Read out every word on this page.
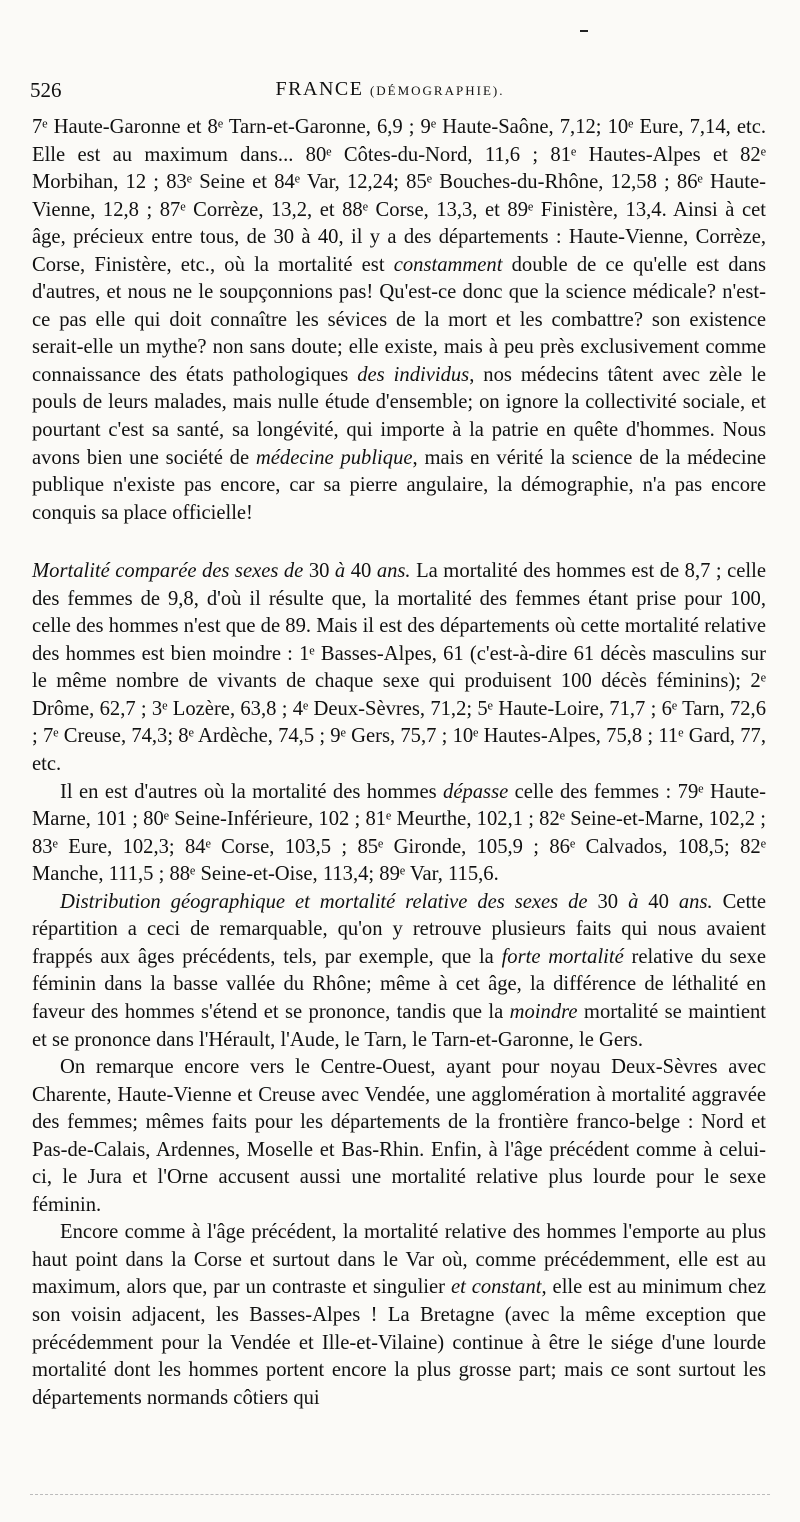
526	FRANCE (DÉMOGRAPHIE).

7ᵉ Haute-Garonne et 8ᵉ Tarn-et-Garonne, 6,9 ; 9ᵉ Haute-Saône, 7,12; 10ᵉ Eure, 7,14, etc. Elle est au maximum dans... 80ᵉ Côtes-du-Nord, 11,6 ; 81ᵉ Hautes-Alpes et 82ᵉ Morbihan, 12 ; 83ᵉ Seine et 84ᵉ Var, 12,24; 85ᵉ Bouches-du-Rhône, 12,58 ; 86ᵉ Haute-Vienne, 12,8 ; 87ᵉ Corrèze, 13,2, et 88ᵉ Corse, 13,3, et 89ᵉ Finistère, 13,4. Ainsi à cet âge, précieux entre tous, de 30 à 40, il y a des départements : Haute-Vienne, Corrèze, Corse, Finistère, etc., où la mortalité est constamment double de ce qu'elle est dans d'autres, et nous ne le soupçonnions pas! Qu'est-ce donc que la science médicale? n'est-ce pas elle qui doit connaître les sévices de la mort et les combattre? son existence serait-elle un mythe? non sans doute; elle existe, mais à peu près exclusivement comme connaissance des états pathologiques des individus, nos médecins tâtent avec zèle le pouls de leurs malades, mais nulle étude d'ensemble; on ignore la collectivité sociale, et pourtant c'est sa santé, sa longévité, qui importe à la patrie en quête d'hommes. Nous avons bien une société de médecine publique, mais en vérité la science de la médecine publique n'existe pas encore, car sa pierre angulaire, la démographie, n'a pas encore conquis sa place officielle!

Mortalité comparée des sexes de 30 à 40 ans. La mortalité des hommes est de 8,7 ; celle des femmes de 9,8, d'où il résulte que, la mortalité des femmes étant prise pour 100, celle des hommes n'est que de 89. Mais il est des départements où cette mortalité relative des hommes est bien moindre : 1ᵉ Basses-Alpes, 61 (c'est-à-dire 61 décès masculins sur le même nombre de vivants de chaque sexe qui produisent 100 décès féminins); 2ᵉ Drôme, 62,7 ; 3ᵉ Lozère, 63,8 ; 4ᵉ Deux-Sèvres, 71,2; 5ᵉ Haute-Loire, 71,7 ; 6ᵉ Tarn, 72,6 ; 7ᵉ Creuse, 74,3; 8ᵉ Ardèche, 74,5 ; 9ᵉ Gers, 75,7 ; 10ᵉ Hautes-Alpes, 75,8 ; 11ᵉ Gard, 77, etc.

Il en est d'autres où la mortalité des hommes dépasse celle des femmes : 79ᵉ Haute-Marne, 101 ; 80ᵉ Seine-Inférieure, 102 ; 81ᵉ Meurthe, 102,1 ; 82ᵉ Seine-et-Marne, 102,2 ; 83ᵉ Eure, 102,3; 84ᵉ Corse, 103,5 ; 85ᵉ Gironde, 105,9 ; 86ᵉ Calvados, 108,5; 82ᵉ Manche, 111,5 ; 88ᵉ Seine-et-Oise, 113,4; 89ᵉ Var, 115,6.

Distribution géographique et mortalité relative des sexes de 30 à 40 ans. Cette répartition a ceci de remarquable, qu'on y retrouve plusieurs faits qui nous avaient frappés aux âges précédents, tels, par exemple, que la forte mortalité relative du sexe féminin dans la basse vallée du Rhône; même à cet âge, la différence de léthalité en faveur des hommes s'étend et se prononce, tandis que la moindre mortalité se maintient et se prononce dans l'Hérault, l'Aude, le Tarn, le Tarn-et-Garonne, le Gers.

On remarque encore vers le Centre-Ouest, ayant pour noyau Deux-Sèvres avec Charente, Haute-Vienne et Creuse avec Vendée, une agglomération à mortalité aggravée des femmes; mêmes faits pour les départements de la frontière franco-belge : Nord et Pas-de-Calais, Ardennes, Moselle et Bas-Rhin. Enfin, à l'âge précédent comme à celui-ci, le Jura et l'Orne accusent aussi une mortalité relative plus lourde pour le sexe féminin.

Encore comme à l'âge précédent, la mortalité relative des hommes l'emporte au plus haut point dans la Corse et surtout dans le Var où, comme précédemment, elle est au maximum, alors que, par un contraste et singulier et constant, elle est au minimum chez son voisin adjacent, les Basses-Alpes ! La Bretagne (avec la même exception que précédemment pour la Vendée et Ille-et-Vilaine) continue à être le siége d'une lourde mortalité dont les hommes portent encore la plus grosse part; mais ce sont surtout les départements normands côtiers qui
